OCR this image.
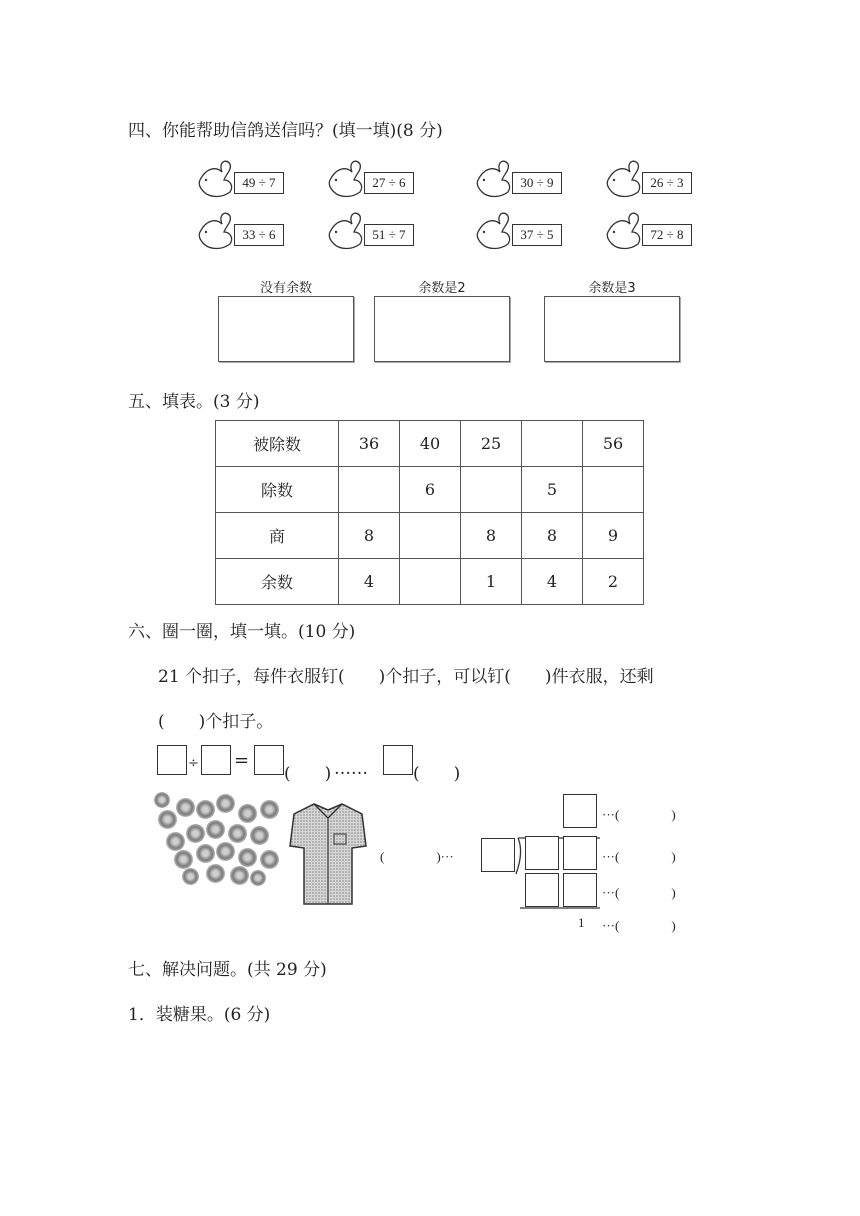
四、你能帮助信鸽送信吗？(填一填)(8 分)
49 ÷ 7	27 ÷ 6	30 ÷ 9	26 ÷ 3
33 ÷ 6	51 ÷ 7	37 ÷ 5	72 ÷ 8
没有余数	余数是2	余数是3
五、填表。(3 分)
被除数	36	40	25		56
除数		6		5	
商	8		8	8	9
余数	4		1	4	2
六、圈一圈，填一填。(10 分)
21 个扣子，每件衣服钉(　　)个扣子，可以钉(　　)件衣服，还剩
(　　)个扣子。
÷ =
(　　) ……	(　　)
(　　　　)···
1
···(　　　　)
···(　　　　)
···(　　　　)
···(　　　　)
七、解决问题。(共 29 分)
1．装糖果。(6 分)
